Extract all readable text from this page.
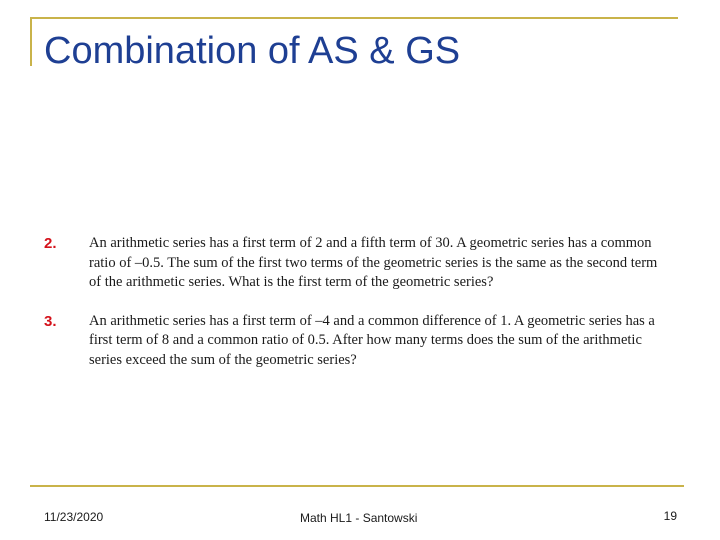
Combination of AS & GS
2.	An arithmetic series has a first term of 2 and a fifth term of 30. A geometric series has a common ratio of –0.5. The sum of the first two terms of the geometric series is the same as the second term of the arithmetic series. What is the first term of the geometric series?
3.	An arithmetic series has a first term of –4 and a common difference of 1. A geometric series has a first term of 8 and a common ratio of 0.5. After how many terms does the sum of the arithmetic series exceed the sum of the geometric series?
11/23/2020	Math HL1 - Santowski	19
